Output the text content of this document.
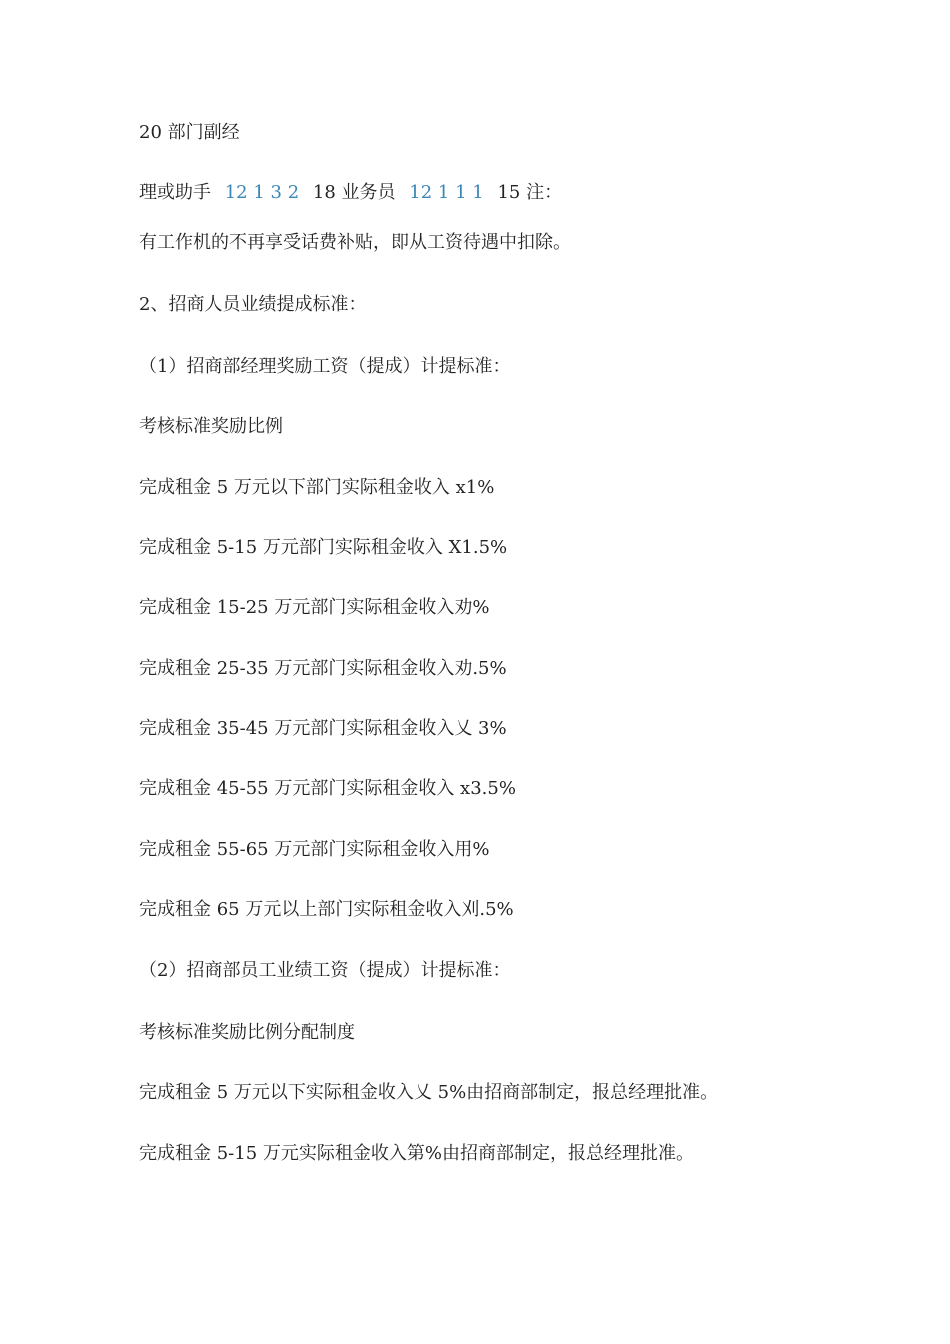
20 部门副经
理或助手 12 1 3 2 18 业务员 12 1 1 1 15 注：
有工作机的不再享受话费补贴，即从工资待遇中扣除。
2、招商人员业绩提成标准：
（1）招商部经理奖励工资（提成）计提标准：
考核标准奖励比例
完成租金 5 万元以下部门实际租金收入 x1%
完成租金 5-15 万元部门实际租金收入 X1.5%
完成租金 15-25 万元部门实际租金收入劝%
完成租金 25-35 万元部门实际租金收入劝.5%
完成租金 35-45 万元部门实际租金收入乂 3%
完成租金 45-55 万元部门实际租金收入 x3.5%
完成租金 55-65 万元部门实际租金收入用%
完成租金 65 万元以上部门实际租金收入刈.5%
（2）招商部员工业绩工资（提成）计提标准：
考核标准奖励比例分配制度
完成租金 5 万元以下实际租金收入乂 5%由招商部制定，报总经理批准。
完成租金 5-15 万元实际租金收入第%由招商部制定，报总经理批准。
